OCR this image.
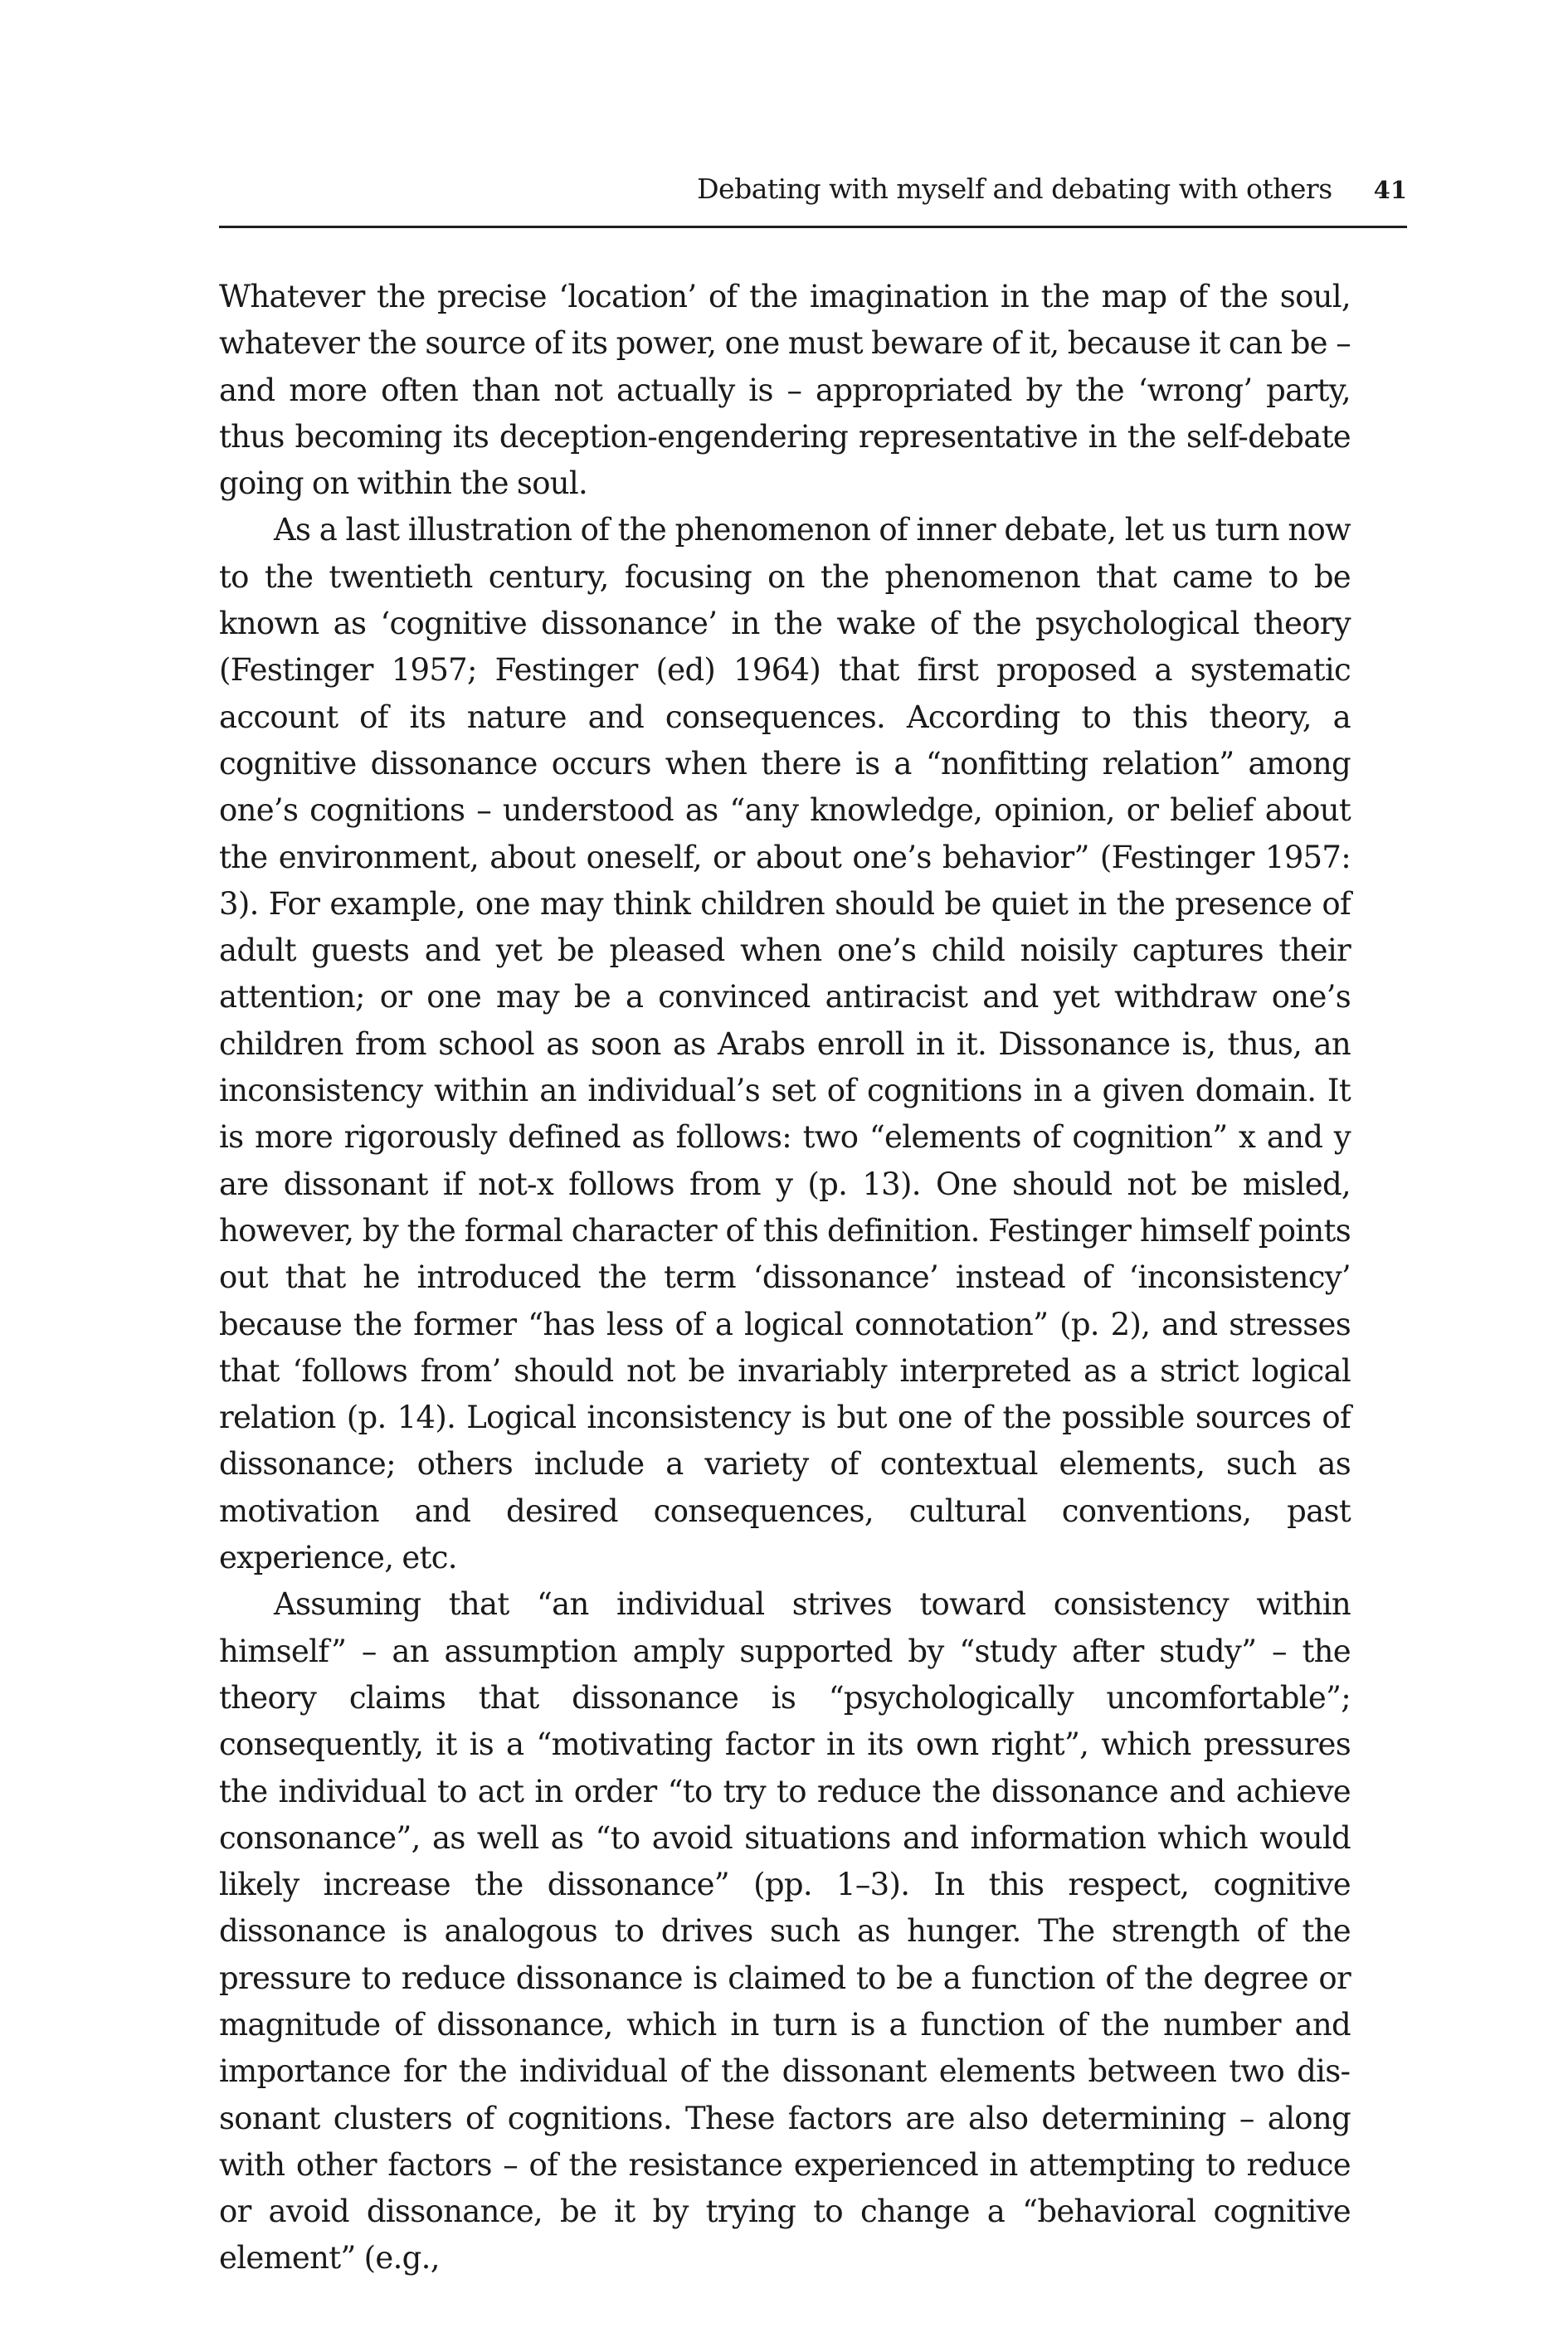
Debating with myself and debating with others 41

Whatever the precise ‘location’ of the imagination in the map of the soul, whatever the source of its power, one must beware of it, because it can be – and more often than not actually is – appropriated by the ‘wrong’ party, thus becoming its deception-engendering representative in the self-debate going on within the soul.

As a last illustration of the phenomenon of inner debate, let us turn now to the twentieth century, focusing on the phenomenon that came to be known as ‘cognitive dissonance’ in the wake of the psychological theory (Festinger 1957; Festinger (ed) 1964) that first proposed a systematic account of its nature and consequences. According to this theory, a cognitive dissonance occurs when there is a “nonfitting relation” among one’s cognitions – understood as “any knowledge, opinion, or belief about the environment, about oneself, or about one’s behavior” (Festinger 1957: 3). For example, one may think children should be quiet in the presence of adult guests and yet be pleased when one’s child noisily captures their attention; or one may be a convinced antiracist and yet withdraw one’s children from school as soon as Arabs enroll in it. Dissonance is, thus, an inconsistency within an individual’s set of cognitions in a given domain. It is more rigorously defined as follows: two “elements of cognition” x and y are dissonant if not-x follows from y (p. 13). One should not be misled, however, by the formal character of this definition. Festinger himself points out that he introduced the term ‘dissonance’ instead of ‘inconsistency’ because the former “has less of a logical connotation” (p. 2), and stresses that ‘follows from’ should not be invariably interpreted as a strict logical relation (p. 14). Logical inconsistency is but one of the possible sources of dissonance; others include a variety of contextual elements, such as motivation and desired consequences, cultural conventions, past experience, etc.

Assuming that “an individual strives toward consistency within himself” – an assumption amply supported by “study after study” – the theory claims that dissonance is “psychologically uncomfortable”; consequently, it is a “motivating factor in its own right”, which pressures the individual to act in order “to try to reduce the dissonance and achieve consonance”, as well as “to avoid situations and information which would likely increase the dissonance” (pp. 1–3). In this respect, cognitive dissonance is analogous to drives such as hunger. The strength of the pressure to reduce dissonance is claimed to be a function of the degree or magnitude of dissonance, which in turn is a function of the number and importance for the individual of the dissonant elements between two dissonant clusters of cognitions. These factors are also determining – along with other factors – of the resistance experienced in attempting to reduce or avoid dissonance, be it by trying to change a “behavioral cognitive element” (e.g.,
